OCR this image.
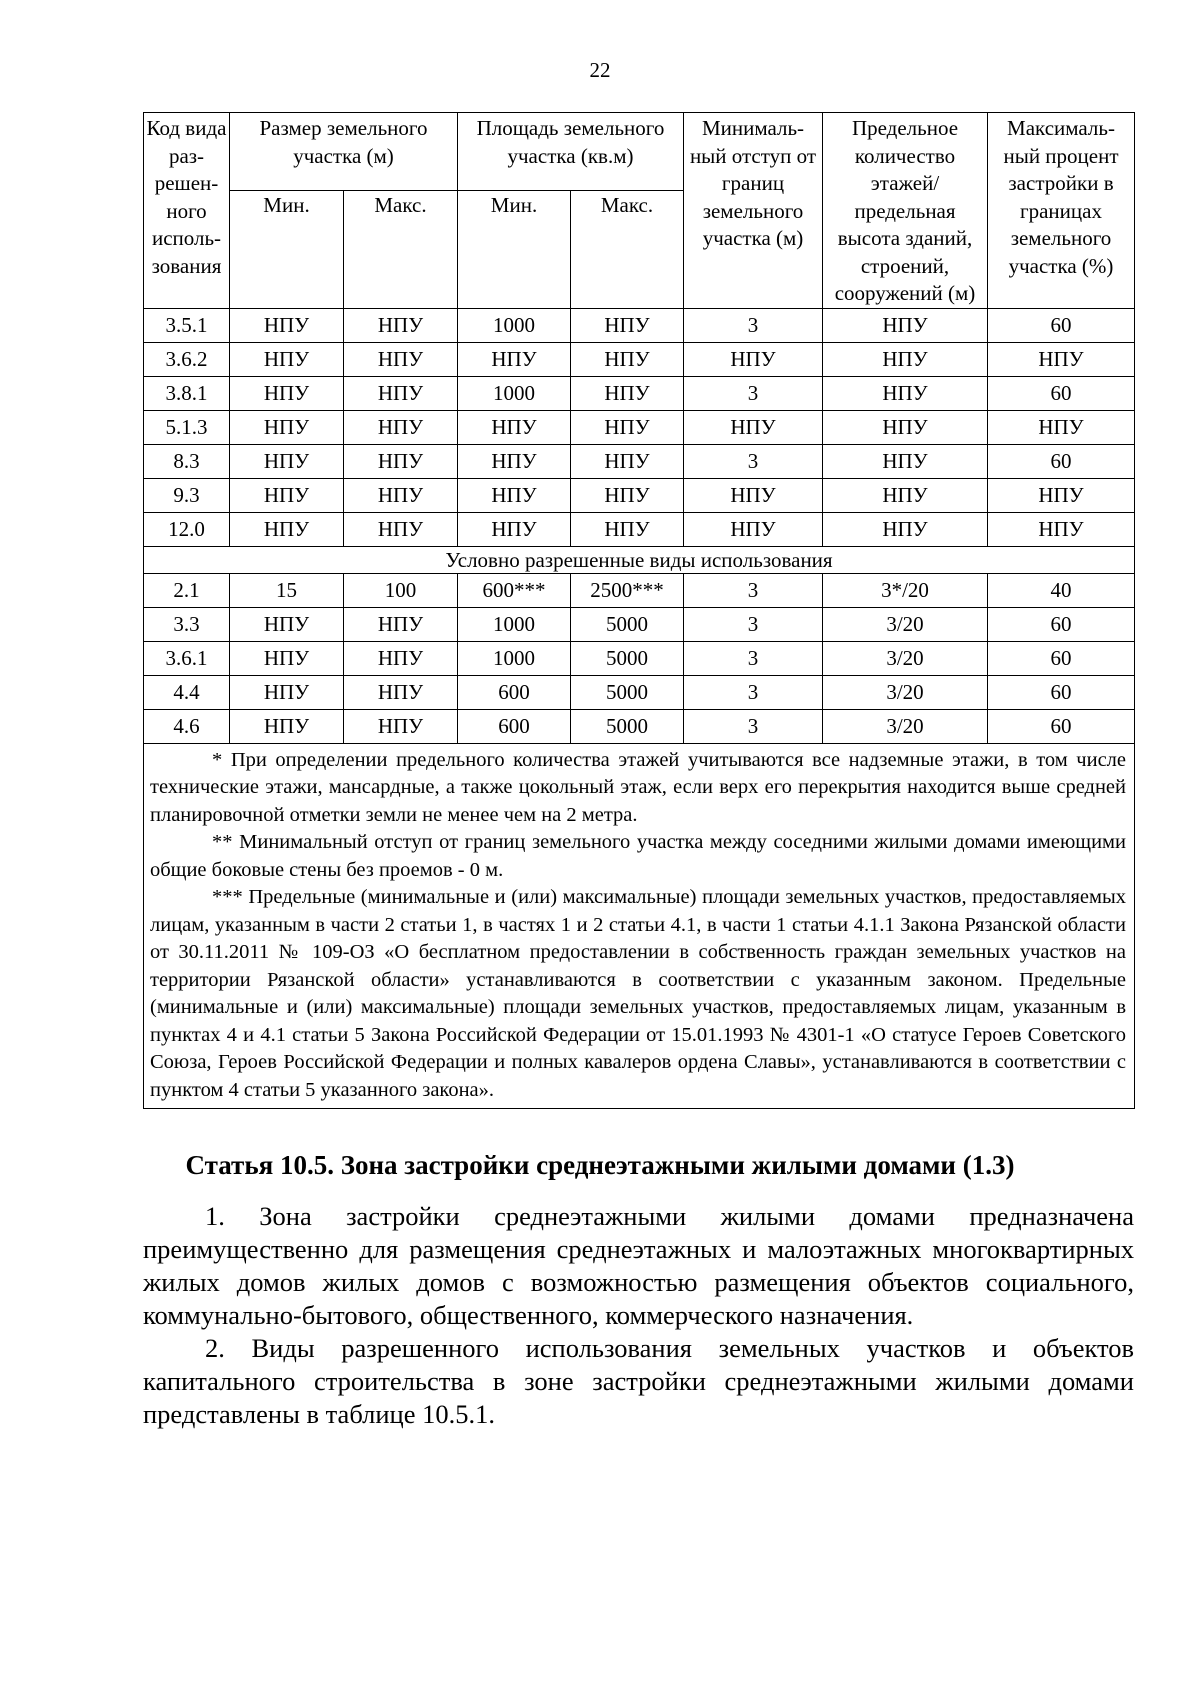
22
Код вида раз-решен-ного исполь-зования	Размер земельного участка (м)		Площадь земельного участка (кв.м)		Минималь-ный отступ от границ земельного участка (м)	Предельное количество этажей/ предельная высота зданий, строений, сооружений (м)	Максималь-ный процент застройки в границах земельного участка (%)
	Мин.	Макс.	Мин.	Макс.			
3.5.1	НПУ	НПУ	1000	НПУ	3	НПУ	60
3.6.2	НПУ	НПУ	НПУ	НПУ	НПУ	НПУ	НПУ
3.8.1	НПУ	НПУ	1000	НПУ	3	НПУ	60
5.1.3	НПУ	НПУ	НПУ	НПУ	НПУ	НПУ	НПУ
8.3	НПУ	НПУ	НПУ	НПУ	3	НПУ	60
9.3	НПУ	НПУ	НПУ	НПУ	НПУ	НПУ	НПУ
12.0	НПУ	НПУ	НПУ	НПУ	НПУ	НПУ	НПУ
Условно разрешенные виды использования							
2.1	15	100	600***	2500***	3	3*/20	40
3.3	НПУ	НПУ	1000	5000	3	3/20	60
3.6.1	НПУ	НПУ	1000	5000	3	3/20	60
4.4	НПУ	НПУ	600	5000	3	3/20	60
4.6	НПУ	НПУ	600	5000	3	3/20	60

* При определении предельного количества этажей учитываются все надземные этажи, в том числе технические этажи, мансардные, а также цокольный этаж, если верх его перекрытия находится выше средней планировочной отметки земли не менее чем на 2 метра.

** Минимальный отступ от границ земельного участка между соседними жилыми домами имеющими общие боковые стены без проемов - 0 м.

*** Предельные (минимальные и (или) максимальные) площади земельных участков, предоставляемых лицам, указанным в части 2 статьи 1, в частях 1 и 2 статьи 4.1, в части 1 статьи 4.1.1 Закона Рязанской области от 30.11.2011 № 109-ОЗ «О бесплатном предоставлении в собственность граждан земельных участков на территории Рязанской области» устанавливаются в соответствии с указанным законом. Предельные (минимальные и (или) максимальные) площади земельных участков, предоставляемых лицам, указанным в пунктах 4 и 4.1 статьи 5 Закона Российской Федерации от 15.01.1993 № 4301-1 «О статусе Героев Советского Союза, Героев Российской Федерации и полных кавалеров ордена Славы», устанавливаются в соответствии с пунктом 4 статьи 5 указанного закона».							

Статья 10.5. Зона застройки среднеэтажными жилыми домами (1.3)

1. Зона застройки среднеэтажными жилыми домами предназначена преимущественно для размещения среднеэтажных и малоэтажных многоквартирных жилых домов жилых домов с возможностью размещения объектов социального, коммунально-бытового, общественного, коммерческого назначения.

2. Виды разрешенного использования земельных участков и объектов капитального строительства в зоне застройки среднеэтажными жилыми домами представлены в таблице 10.5.1.
